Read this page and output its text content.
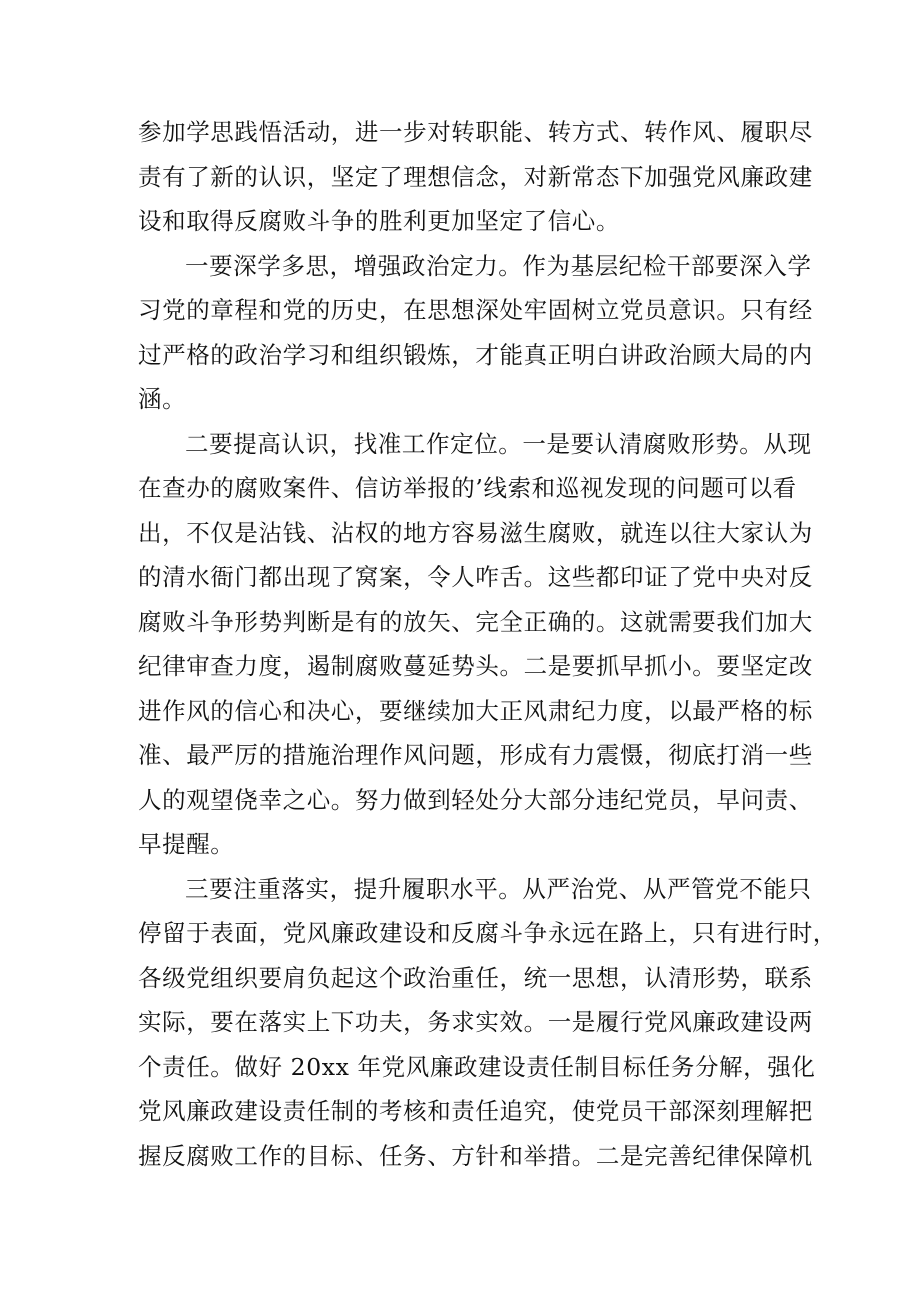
参加学思践悟活动，进一步对转职能、转方式、转作风、履职尽
责有了新的认识，坚定了理想信念，对新常态下加强党风廉政建
设和取得反腐败斗争的胜利更加坚定了信心。
一要深学多思，增强政治定力。作为基层纪检干部要深入学
习党的章程和党的历史，在思想深处牢固树立党员意识。只有经
过严格的政治学习和组织锻炼，才能真正明白讲政治顾大局的内
涵。
二要提高认识，找准工作定位。一是要认清腐败形势。从现
在查办的腐败案件、信访举报的’线索和巡视发现的问题可以看
出，不仅是沾钱、沾权的地方容易滋生腐败，就连以往大家认为
的清水衙门都出现了窝案，令人咋舌。这些都印证了党中央对反
腐败斗争形势判断是有的放矢、完全正确的。这就需要我们加大
纪律审查力度，遏制腐败蔓延势头。二是要抓早抓小。要坚定改
进作风的信心和决心，要继续加大正风肃纪力度，以最严格的标
准、最严厉的措施治理作风问题，形成有力震慑，彻底打消一些
人的观望侥幸之心。努力做到轻处分大部分违纪党员，早问责、
早提醒。
三要注重落实，提升履职水平。从严治党、从严管党不能只
停留于表面，党风廉政建设和反腐斗争永远在路上，只有进行时，
各级党组织要肩负起这个政治重任，统一思想，认清形势，联系
实际，要在落实上下功夫，务求实效。一是履行党风廉政建设两
个责任。做好 20xx 年党风廉政建设责任制目标任务分解，强化
党风廉政建设责任制的考核和责任追究，使党员干部深刻理解把
握反腐败工作的目标、任务、方针和举措。二是完善纪律保障机
